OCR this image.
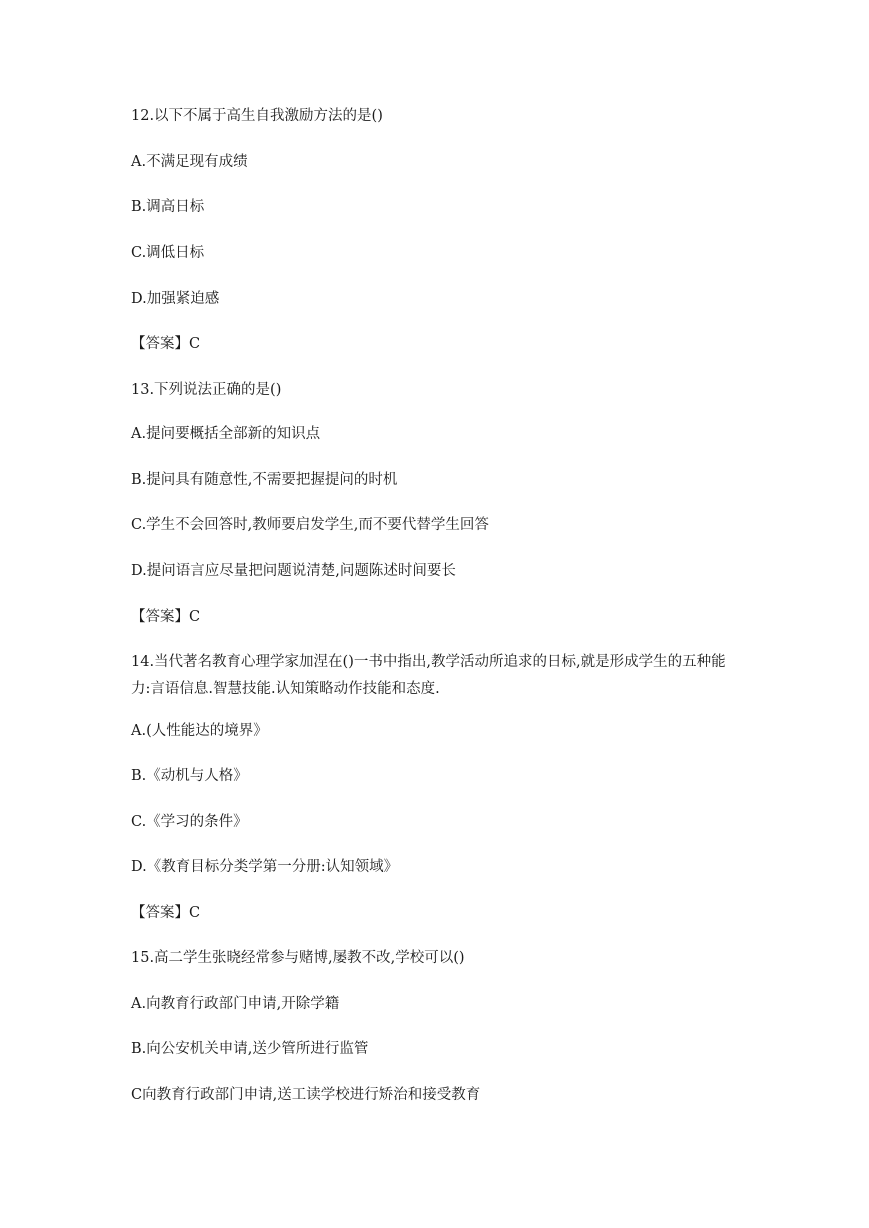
12.以下不属于高生自我激励方法的是()
A.不满足现有成绩
B.调高日标
C.调低日标
D.加强紧迫感
【答案】C
13.下列说法正确的是()
A.提问要概括全部新的知识点
B.提问具有随意性,不需要把握提问的时机
C.学生不会回答时,教师要启发学生,而不要代替学生回答
D.提问语言应尽量把问题说清楚,问题陈述时间要长
【答案】C
14.当代著名教育心理学家加涅在()一书中指出,教学活动所追求的日标,就是形成学生的五种能力:言语信息.智慧技能.认知策略动作技能和态度.
A.(人性能达的境界》
B.《动机与人格》
C.《学习的条件》
D.《教育目标分类学第一分册:认知领域》
【答案】C
15.高二学生张晓经常参与赌博,屡教不改,学校可以()
A.向教育行政部门申请,开除学籍
B.向公安机关申请,送少管所进行监管
C向教育行政部门申请,送工读学校进行矫治和接受教育
